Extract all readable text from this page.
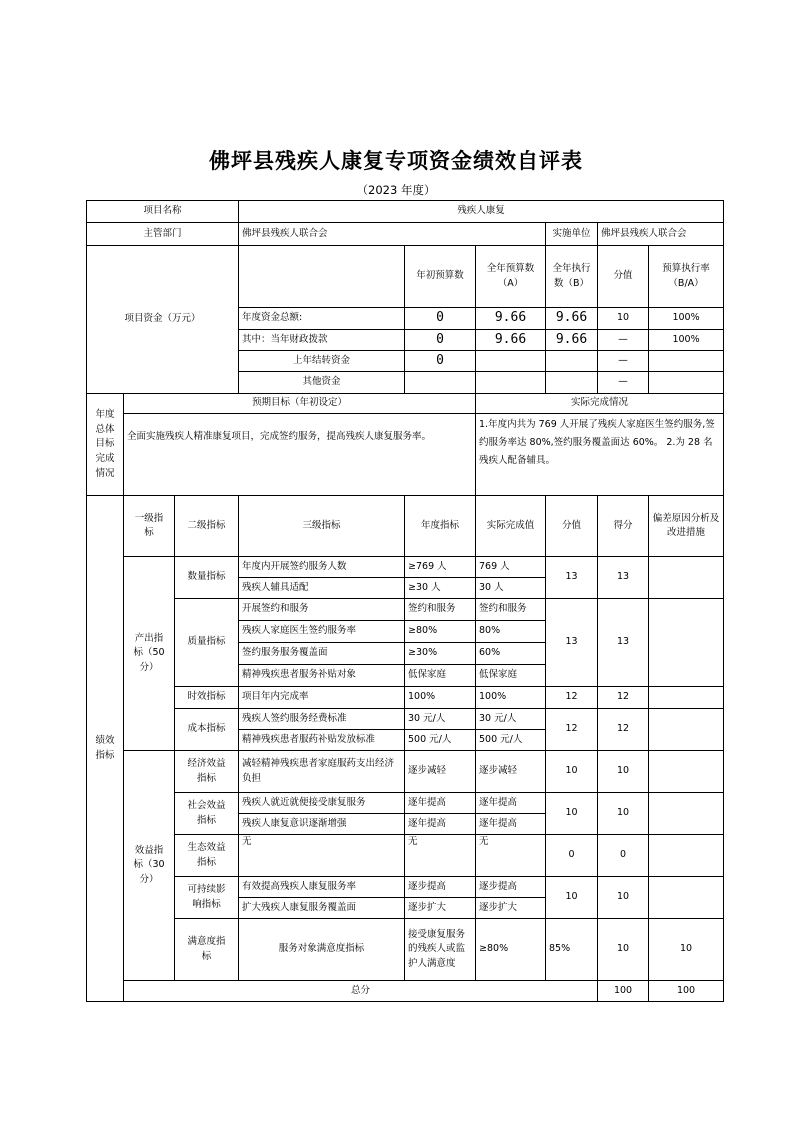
佛坪县残疾人康复专项资金绩效自评表
（2023 年度）
项目名称			残疾人康复						
主管部门			佛坪县残疾人联合会			实施单位	佛坪县残疾人联合会		
项目资金（万元）				年初预算数	全年预算数（A）	全年执行数（B）	分值	预算执行率（B/A）	
			年度资金总额:	0	9.66	9.66	10	100%	
			其中：当年财政拨款	0	9.66	9.66	—	100%	
			上年结转资金	0			—		
			其他资金				—		
年度总体目标完成情况	预期目标（年初设定）				实际完成情况				
	全面实施残疾人精准康复项目，完成签约服务，提高残疾人康复服务率。				1.年度内共为 769 人开展了残疾人家庭医生签约服务,签约服务率达 80%,签约服务覆盖面达 60%。 2.为 28 名残疾人配备辅具。				
绩效指标	一级指标	二级指标	三级指标	年度指标	实际完成值	分值	得分	偏差原因分析及改进措施	
	产出指标（50 分）	数量指标	年度内开展签约服务人数	≥769 人	769 人	13	13		
			残疾人辅具适配	≥30 人	30 人				
		质量指标	开展签约和服务	签约和服务	签约和服务	13	13		
			残疾人家庭医生签约服务率	≥80%	80%				
			签约服务服务覆盖面	≥30%	60%				
			精神残疾患者服务补贴对象	低保家庭	低保家庭				
		时效指标	项目年内完成率	100%	100%	12	12		
		成本指标	残疾人签约服务经费标准	30 元/人	30 元/人	12	12		
			精神残疾患者服药补贴发放标准	500 元/人	500 元/人				
	效益指标（30 分）	经济效益指标	减轻精神残疾患者家庭服药支出经济负担	逐步减轻	逐步减轻	10	10		
		社会效益指标	残疾人就近就便接受康复服务	逐年提高	逐年提高	10	10		
			残疾人康复意识逐渐增强	逐年提高	逐年提高				
		生态效益指标	无	无	无	0	0		
		可持续影响指标	有效提高残疾人康复服务率	逐步提高	逐步提高	10	10		
			扩大残疾人康复服务覆盖面	逐步扩大	逐步扩大				
		满意度指标	服务对象满意度指标	接受康复服务的残疾人或监护人满意度	≥80%	85%	10	10	
	总分						100	100	
